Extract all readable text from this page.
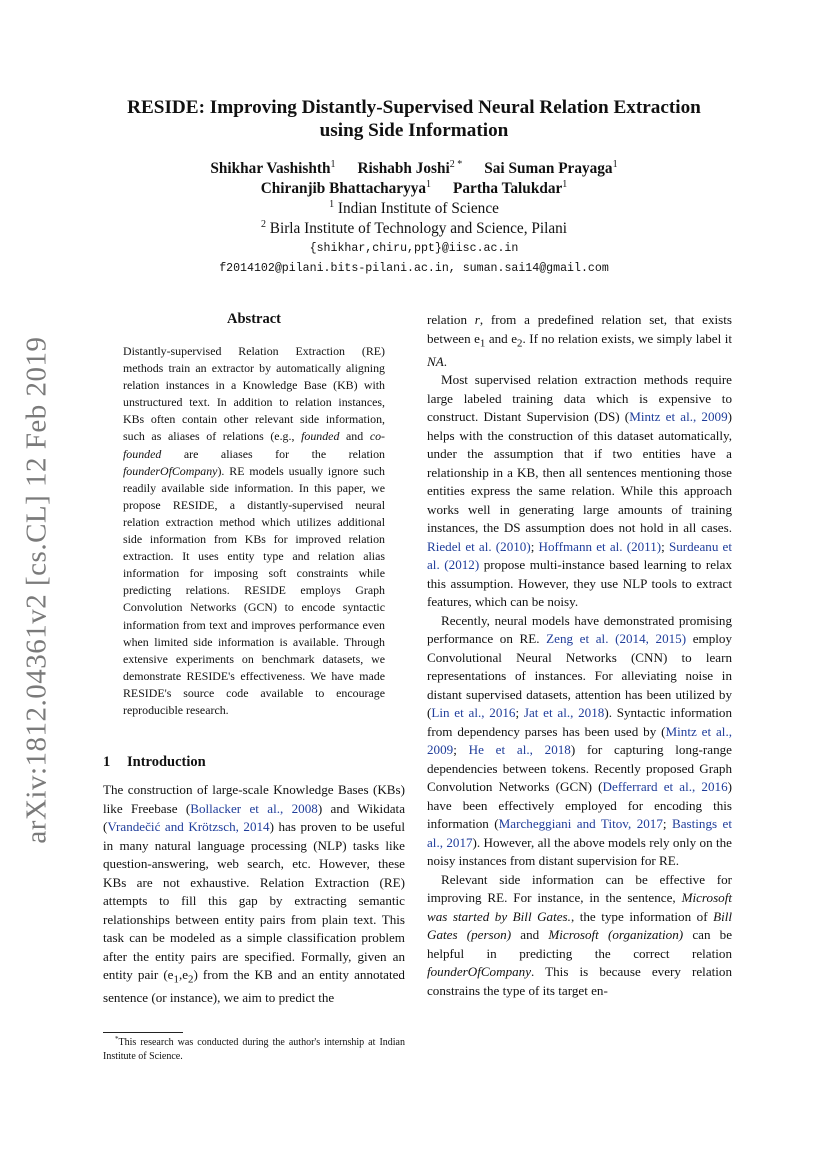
arXiv:1812.04361v2 [cs.CL] 12 Feb 2019
RESIDE: Improving Distantly-Supervised Neural Relation Extraction
using Side Information
Shikhar Vashishth$^1$ Rishabh Joshi$^{2 *}$ Sai Suman Prayaga$^1$
Chiranjib Bhattacharyya$^1$ Partha Talukdar$^1$
$^1$ Indian Institute of Science
$^2$ Birla Institute of Technology and Science, Pilani
{shikhar,chiru,ppt}@iisc.ac.in
f2014102@pilani.bits-pilani.ac.in, suman.sai14@gmail.com
Abstract

Distantly-supervised Relation Extraction (RE) methods train an extractor by automatically aligning relation instances in a Knowledge Base (KB) with unstructured text. In addition to relation instances, KBs often contain other relevant side information, such as aliases of relations (e.g., founded and co-founded are aliases for the relation founderOfCompany). RE models usually ignore such readily available side information. In this paper, we propose RESIDE, a distantly-supervised neural relation extraction method which utilizes additional side information from KBs for improved relation extraction. It uses entity type and relation alias information for imposing soft constraints while predicting relations. RESIDE employs Graph Convolution Networks (GCN) to encode syntactic information from text and improves performance even when limited side information is available. Through extensive experiments on benchmark datasets, we demonstrate RESIDE's effectiveness. We have made RESIDE's source code available to encourage reproducible research.

1 Introduction

The construction of large-scale Knowledge Bases (KBs) like Freebase (Bollacker et al., 2008) and Wikidata (Vrandečić and Krötzsch, 2014) has proven to be useful in many natural language processing (NLP) tasks like question-answering, web search, etc. However, these KBs are not exhaustive. Relation Extraction (RE) attempts to fill this gap by extracting semantic relationships between entity pairs from plain text. This task can be modeled as a simple classification problem after the entity pairs are specified. Formally, given an entity pair $(e_1,e_2)$ from the KB and an entity annotated sentence (or instance), we aim to predict the

*This research was conducted during the author's internship at Indian Institute of Science.

relation r, from a predefined relation set, that exists between $e_1$ and $e_2$. If no relation exists, we simply label it NA.

Most supervised relation extraction methods require large labeled training data which is expensive to construct. Distant Supervision (DS) (Mintz et al., 2009) helps with the construction of this dataset automatically, under the assumption that if two entities have a relationship in a KB, then all sentences mentioning those entities express the same relation. While this approach works well in generating large amounts of training instances, the DS assumption does not hold in all cases. Riedel et al. (2010); Hoffmann et al. (2011); Surdeanu et al. (2012) propose multi-instance based learning to relax this assumption. However, they use NLP tools to extract features, which can be noisy.

Recently, neural models have demonstrated promising performance on RE. Zeng et al. (2014, 2015) employ Convolutional Neural Networks (CNN) to learn representations of instances. For alleviating noise in distant supervised datasets, attention has been utilized by (Lin et al., 2016; Jat et al., 2018). Syntactic information from dependency parses has been used by (Mintz et al., 2009; He et al., 2018) for capturing long-range dependencies between tokens. Recently proposed Graph Convolution Networks (GCN) (Defferrard et al., 2016) have been effectively employed for encoding this information (Marcheggiani and Titov, 2017; Bastings et al., 2017). However, all the above models rely only on the noisy instances from distant supervision for RE.

Relevant side information can be effective for improving RE. For instance, in the sentence, Microsoft was started by Bill Gates., the type information of Bill Gates (person) and Microsoft (organization) can be helpful in predicting the correct relation founderOfCompany. This is because every relation constrains the type of its target en-
